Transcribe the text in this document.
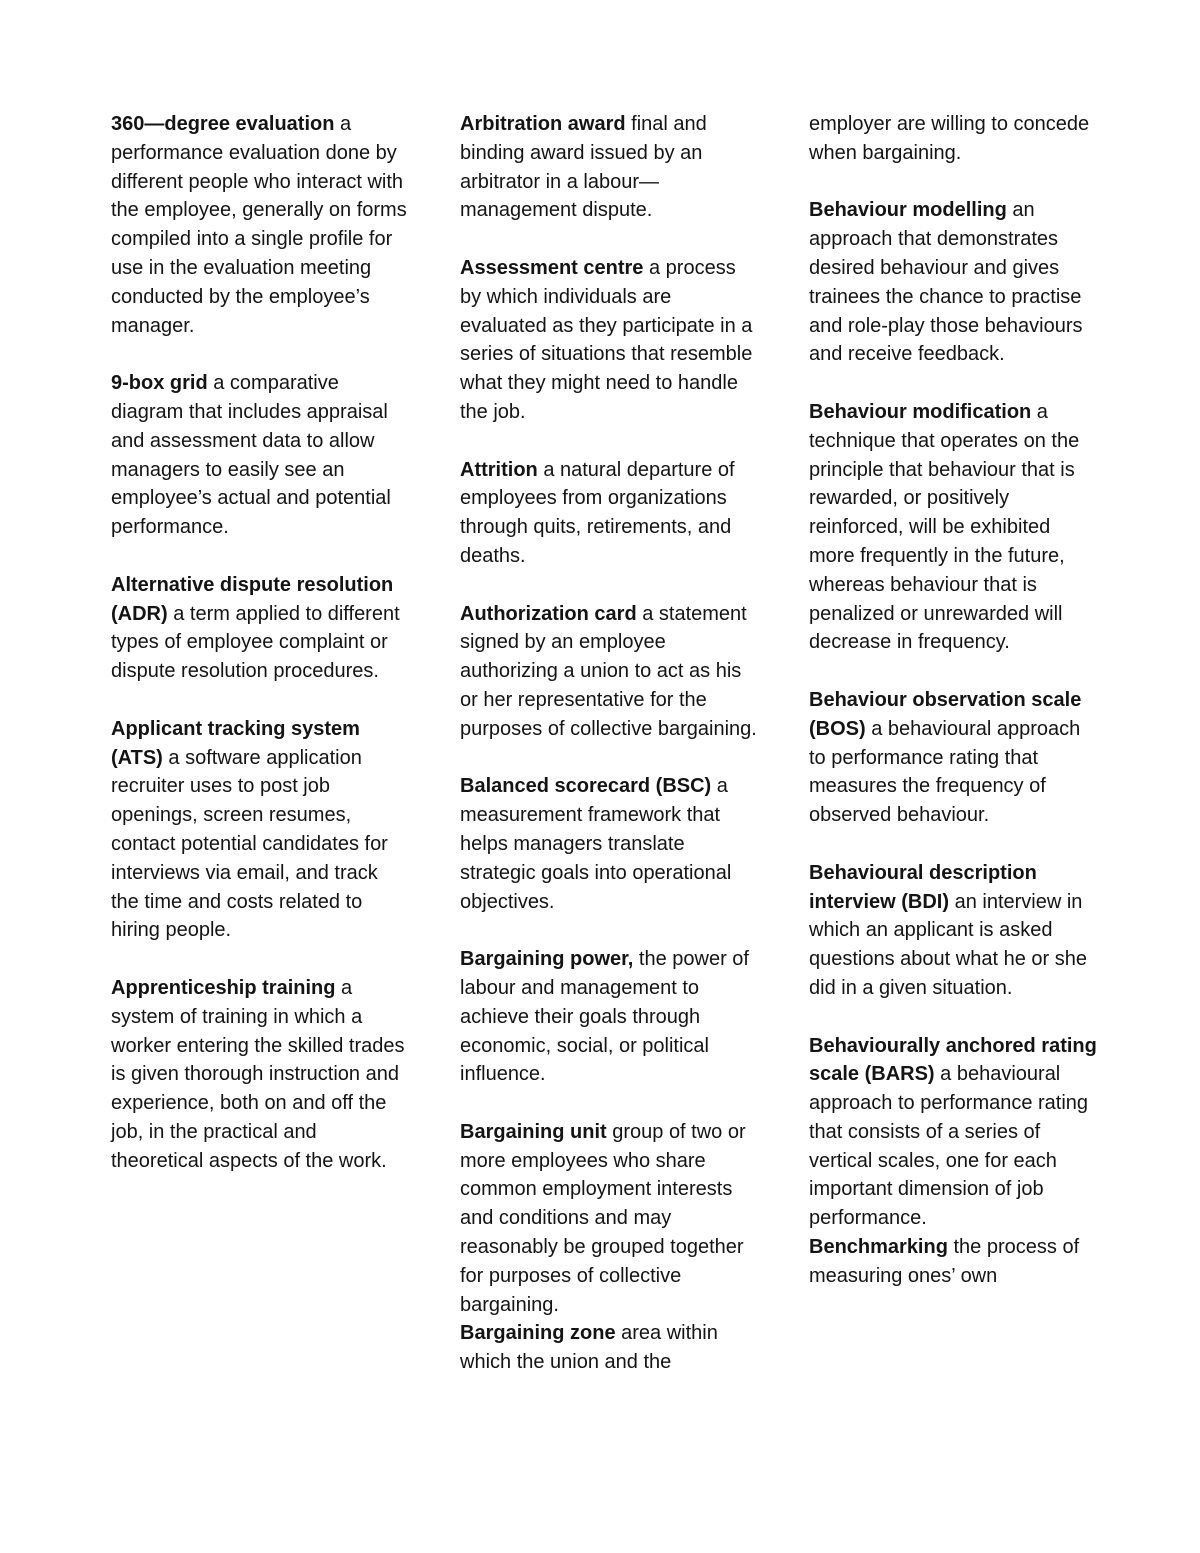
360—degree evaluation a performance evaluation done by different people who interact with the employee, generally on forms compiled into a single profile for use in the evaluation meeting conducted by the employee’s manager.

9-box grid a comparative diagram that includes appraisal and assessment data to allow managers to easily see an employee’s actual and potential performance.

Alternative dispute resolution (ADR) a term applied to different types of employee complaint or dispute resolution procedures.

Applicant tracking system (ATS) a software application recruiter uses to post job openings, screen resumes, contact potential candidates for interviews via email, and track the time and costs related to hiring people.

Apprenticeship training a system of training in which a worker entering the skilled trades is given thorough instruction and experience, both on and off the job, in the practical and theoretical aspects of the work.

Arbitration award final and binding award issued by an arbitrator in a labour— management dispute.

Assessment centre a process by which individuals are evaluated as they participate in a series of situations that resemble what they might need to handle the job.

Attrition a natural departure of employees from organizations through quits, retirements, and deaths.

Authorization card a statement signed by an employee authorizing a union to act as his or her representative for the purposes of collective bargaining.

Balanced scorecard (BSC) a measurement framework that helps managers translate strategic goals into operational objectives.

Bargaining power, the power of labour and management to achieve their goals through economic, social, or political influence.

Bargaining unit group of two or more employees who share common employment interests and conditions and may reasonably be grouped together for purposes of collective bargaining.

Bargaining zone area within which the union and the

employer are willing to concede when bargaining.

Behaviour modelling an approach that demonstrates desired behaviour and gives trainees the chance to practise and role-play those behaviours and receive feedback.

Behaviour modification a technique that operates on the principle that behaviour that is rewarded, or positively reinforced, will be exhibited more frequently in the future, whereas behaviour that is penalized or unrewarded will decrease in frequency.

Behaviour observation scale (BOS) a behavioural approach to performance rating that measures the frequency of observed behaviour.

Behavioural description interview (BDI) an interview in which an applicant is asked questions about what he or she did in a given situation.

Behaviourally anchored rating scale (BARS) a behavioural approach to performance rating that consists of a series of vertical scales, one for each important dimension of job performance.

Benchmarking the process of measuring ones’ own
